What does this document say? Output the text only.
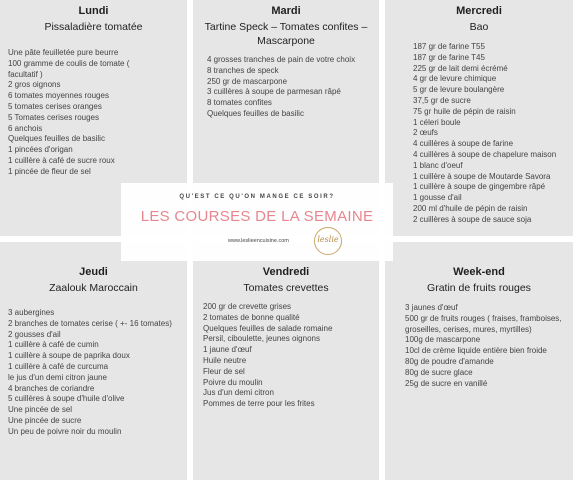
Lundi
Pissaladière tomatée
Une pâte feuilletée pure beurre
100 gramme de coulis de tomate (
facultatif )
2 gros oignons
6 tomates moyennes rouges
5 tomates cerises oranges
5 Tomates cerises rouges
6 anchois
Quelques feuilles de basilic
1 pincées d'origan
1 cuillère à café de sucre roux
1 pincée de fleur de sel
Mardi
Tartine Speck – Tomates confites – Mascarpone
4 grosses tranches de pain de votre choix
8 tranches de speck
250 gr de mascarpone
3 cuillères à soupe de parmesan râpé
8 tomates confites
Quelques feuilles de basilic
Mercredi
Bao
187 gr de farine T55
187 gr de farine T45
225 gr de lait demi écrémé
4 gr de levure chimique
5 gr de levure boulangère
37,5 gr de sucre
75 gr huile de pépin de raisin
1 céleri boule
2 œufs
4 cuillères à soupe de farine
4 cuillères à soupe de chapelure maison
1 blanc d'oeuf
1 cuillère à soupe de Moutarde Savora
1 cuillère à soupe de gingembre râpé
1 gousse d'ail
200 ml d'huile de pépin de raisin
2 cuillères à soupe de sauce soja
Jeudi
Zaalouk Maroccain
3 aubergines
2 branches de tomates cerise ( +- 16 tomates)
2 gousses d'ail
1 cuillère à café de cumin
1 cuillère à soupe de paprika doux
1 cuillère à café de curcuma
le jus d'un demi citron jaune
4 branches de coriandre
5 cuillères à soupe d'huile d'olive
Une pincée de sel
Une pincée de sucre
Un peu de poivre noir du moulin
Vendredi
Tomates crevettes
200 gr de crevette grises
2 tomates de bonne qualité
Quelques feuilles de salade romaine
Persil, ciboulette, jeunes oignons
1 jaune d'œuf
Huile neutre
Fleur de sel
Poivre du moulin
Jus d'un demi citron
Pommes de terre pour les frites
Week-end
Gratin de fruits rouges
3 jaunes d'œuf
500 gr de fruits rouges ( fraises, framboises, groseilles, cerises, mures, myrtilles)
100g de mascarpone
10cl de crème liquide entière bien froide
80g de poudre d'amande
80g de sucre glace
25g de sucre en vanillé
QU'EST CE QU'ON MANGE CE SOIR?
LES COURSES DE LA SEMAINE
www.leslieencuisine.com	leslie
